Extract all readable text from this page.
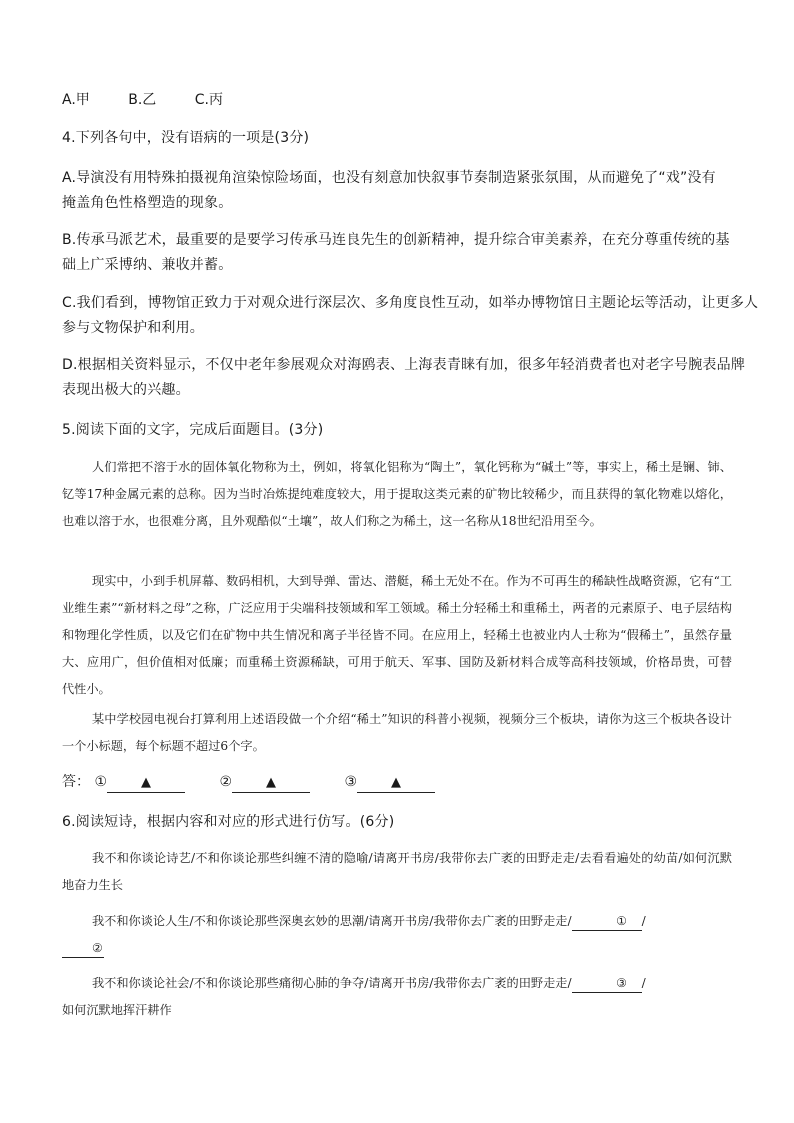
A.甲	B.乙	C.丙
4.下列各句中，没有语病的一项是(3分)
A.导演没有用特殊拍摄视角渲染惊险场面，也没有刻意加快叙事节奏制造紧张氛围，从而避免了“戏”没有
掩盖角色性格塑造的现象。
B.传承马派艺术，最重要的是要学习传承马连良先生的创新精神，提升综合审美素养，在充分尊重传统的基
础上广采博纳、兼收并蓄。
C.我们看到，博物馆正致力于对观众进行深层次、多角度良性互动，如举办博物馆日主题论坛等活动，让更多人
参与文物保护和利用。
D.根据相关资料显示，不仅中老年参展观众对海鸥表、上海表青睐有加，很多年轻消费者也对老字号腕表品牌
表现出极大的兴趣。
5.阅读下面的文字，完成后面题目。(3分)
人们常把不溶于水的固体氧化物称为土，例如，将氧化铝称为“陶土”，氧化钙称为“碱土”等，事实上，稀土是镧、铈、钇等17种金属元素的总称。因为当时冶炼提纯难度较大，用于提取这类元素的矿物比较稀少，而且获得的氧化物难以熔化，也难以溶于水，也很难分离，且外观酷似“土壤”，故人们称之为稀土，这一名称从18世纪沿用至今。
现实中，小到手机屏幕、数码相机，大到导弹、雷达、潜艇，稀土无处不在。作为不可再生的稀缺性战略资源，它有“工业维生素”“新材料之母”之称，广泛应用于尖端科技领域和军工领域。稀土分轻稀土和重稀土，两者的元素原子、电子层结构和物理化学性质，以及它们在矿物中共生情况和离子半径皆不同。在应用上，轻稀土也被业内人士称为“假稀土”，虽然存量大、应用广，但价值相对低廉；而重稀土资源稀缺，可用于航天、军事、国防及新材料合成等高科技领域，价格昂贵，可替代性小。
某中学校园电视台打算利用上述语段做一个介绍“稀土”知识的科普小视频，视频分三个板块，请你为这三个板块各设计一个小标题，每个标题不超过6个字。
答： ①	▲	②	▲	③	▲
6.阅读短诗，根据内容和对应的形式进行仿写。(6分)
我不和你谈论诗艺/不和你谈论那些纠缠不清的隐喻/请离开书房/我带你去广袤的田野走走/去看看遍处的幼苗/如何沉默地奋力生长
我不和你谈论人生/不和你谈论那些深奥玄妙的思潮/请离开书房/我带你去广袤的田野走走/	① /
②
我不和你谈论社会/不和你谈论那些痛彻心肺的争夺/请离开书房/我带你去广袤的田野走走/	③ /
如何沉默地挥汗耕作
